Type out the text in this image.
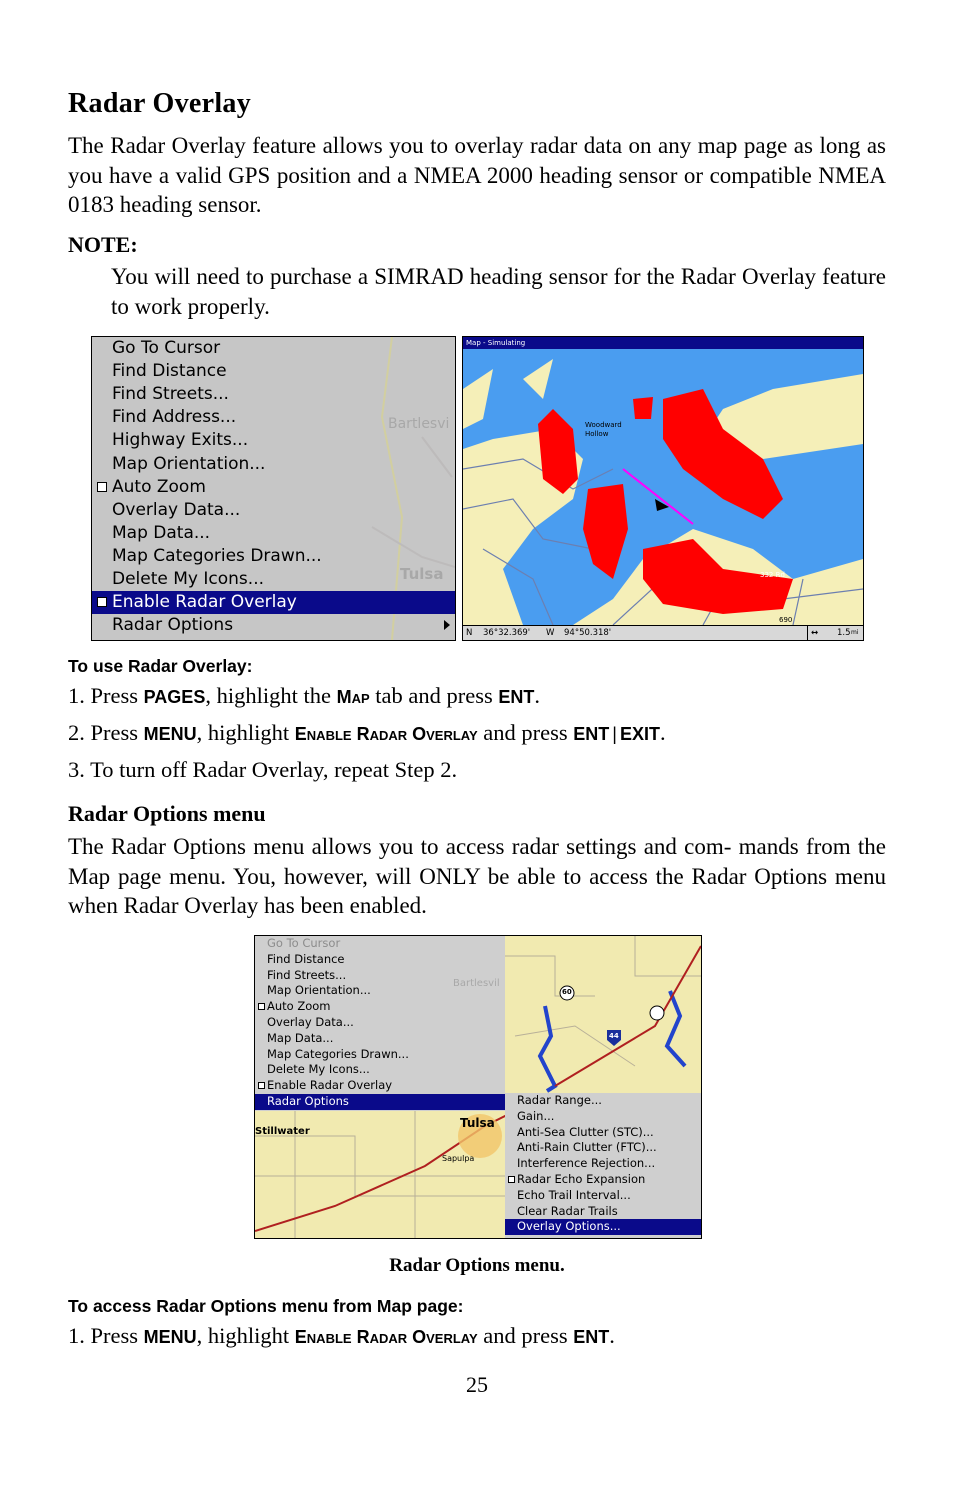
Radar Overlay

The Radar Overlay feature allows you to overlay radar data on any map page as long as you have a valid GPS position and a NMEA 2000 heading sensor or compatible NMEA 0183 heading sensor.

NOTE:

You will need to purchase a SIMRAD heading sensor for the Radar Overlay feature to work properly.

Bartlesvi
Tulsa
Go To Cursor
Find Distance
Find Streets...
Find Address...
Highway Exits...
Map Orientation...
Auto Zoom
Overlay Data...
Map Data...
Map Categories Drawn...
Delete My Icons...
Enable Radar Overlay
Radar Options
Map - Simulating
Woodward
Hollow
332 Rd
690
N 36°32.369' W 94°50.318'	↔ 1.5 mi
To use Radar Overlay:
1. Press PAGES, highlight the Map tab and press ENT.
2. Press MENU, highlight Enable Radar Overlay and press ENT | EXIT.
3. To turn off Radar Overlay, repeat Step 2.
Radar Options menu

The Radar Options menu allows you to access radar settings and com- mands from the Map page menu. You, however, will ONLY be able to access the Radar Options menu when Radar Overlay has been enabled.

60
44
Bartlesvil
Stillwater
Tulsa
Sapulpa
Go To Cursor
Find Distance
Find Streets...
Map Orientation...
Auto Zoom
Overlay Data...
Map Data...
Map Categories Drawn...
Delete My Icons...
Enable Radar Overlay
Radar Options	Radar Range...
Gain...
Anti-Sea Clutter (STC)...
Anti-Rain Clutter (FTC)...
Interference Rejection...
Radar Echo Expansion
Echo Trail Interval...
Clear Radar Trails
Overlay Options...
Radar Options menu.
To access Radar Options menu from Map page:
1. Press MENU, highlight Enable Radar Overlay and press ENT.
25
